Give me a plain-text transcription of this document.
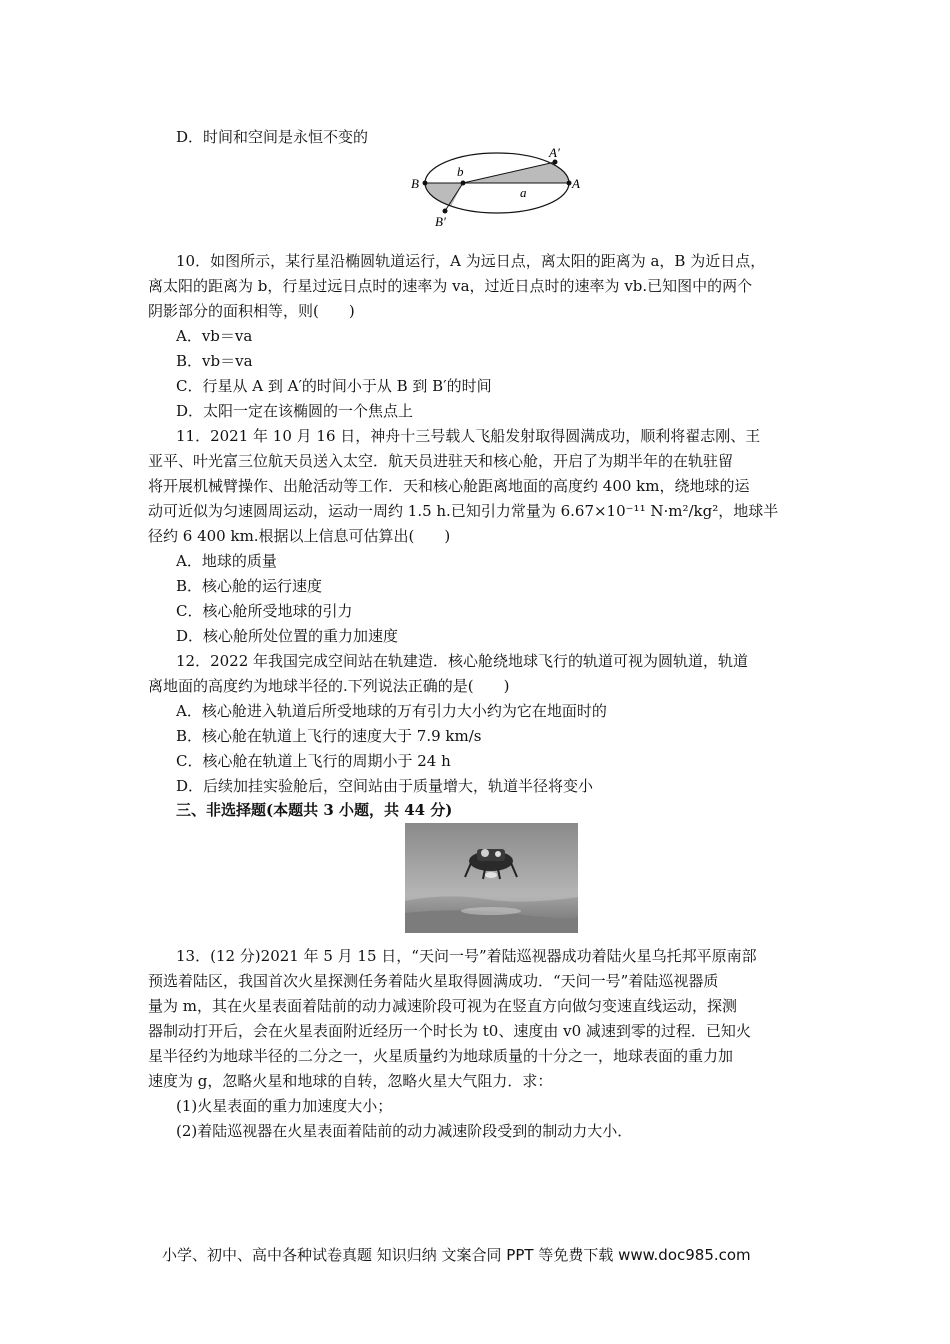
D．时间和空间是永恒不变的
A
A′
B
B′
a
b
10．如图所示，某行星沿椭圆轨道运行，A 为远日点，离太阳的距离为 a，B 为近日点，
离太阳的距离为 b，行星过远日点时的速率为 va，过近日点时的速率为 vb.已知图中的两个
阴影部分的面积相等，则(　　)
A．vb＝va
B．vb＝va
C．行星从 A 到 A′的时间小于从 B 到 B′的时间
D．太阳一定在该椭圆的一个焦点上
11．2021 年 10 月 16 日，神舟十三号载人飞船发射取得圆满成功，顺利将翟志刚、王
亚平、叶光富三位航天员送入太空．航天员进驻天和核心舱，开启了为期半年的在轨驻留
将开展机械臂操作、出舱活动等工作．天和核心舱距离地面的高度约 400 km，绕地球的运
动可近似为匀速圆周运动，运动一周约 1.5 h.已知引力常量为 6.67×10⁻¹¹ N·m²/kg²，地球半
径约 6 400 km.根据以上信息可估算出(　　)
A．地球的质量
B．核心舱的运行速度
C．核心舱所受地球的引力
D．核心舱所处位置的重力加速度
12．2022 年我国完成空间站在轨建造．核心舱绕地球飞行的轨道可视为圆轨道，轨道
离地面的高度约为地球半径的.下列说法正确的是(　　)
A．核心舱进入轨道后所受地球的万有引力大小约为它在地面时的
B．核心舱在轨道上飞行的速度大于 7.9 km/s
C．核心舱在轨道上飞行的周期小于 24 h
D．后续加挂实验舱后，空间站由于质量增大，轨道半径将变小
三、非选择题(本题共 3 小题，共 44 分)
13．(12 分)2021 年 5 月 15 日，“天问一号”着陆巡视器成功着陆火星乌托邦平原南部
预选着陆区，我国首次火星探测任务着陆火星取得圆满成功．“天问一号”着陆巡视器质
量为 m，其在火星表面着陆前的动力减速阶段可视为在竖直方向做匀变速直线运动，探测
器制动打开后，会在火星表面附近经历一个时长为 t0、速度由 v0 减速到零的过程．已知火
星半径约为地球半径的二分之一，火星质量约为地球质量的十分之一，地球表面的重力加
速度为 g，忽略火星和地球的自转，忽略火星大气阻力．求：
(1)火星表面的重力加速度大小；
(2)着陆巡视器在火星表面着陆前的动力减速阶段受到的制动力大小．
小学、初中、高中各种试卷真题 知识归纳 文案合同 PPT 等免费下载 www.doc985.com
